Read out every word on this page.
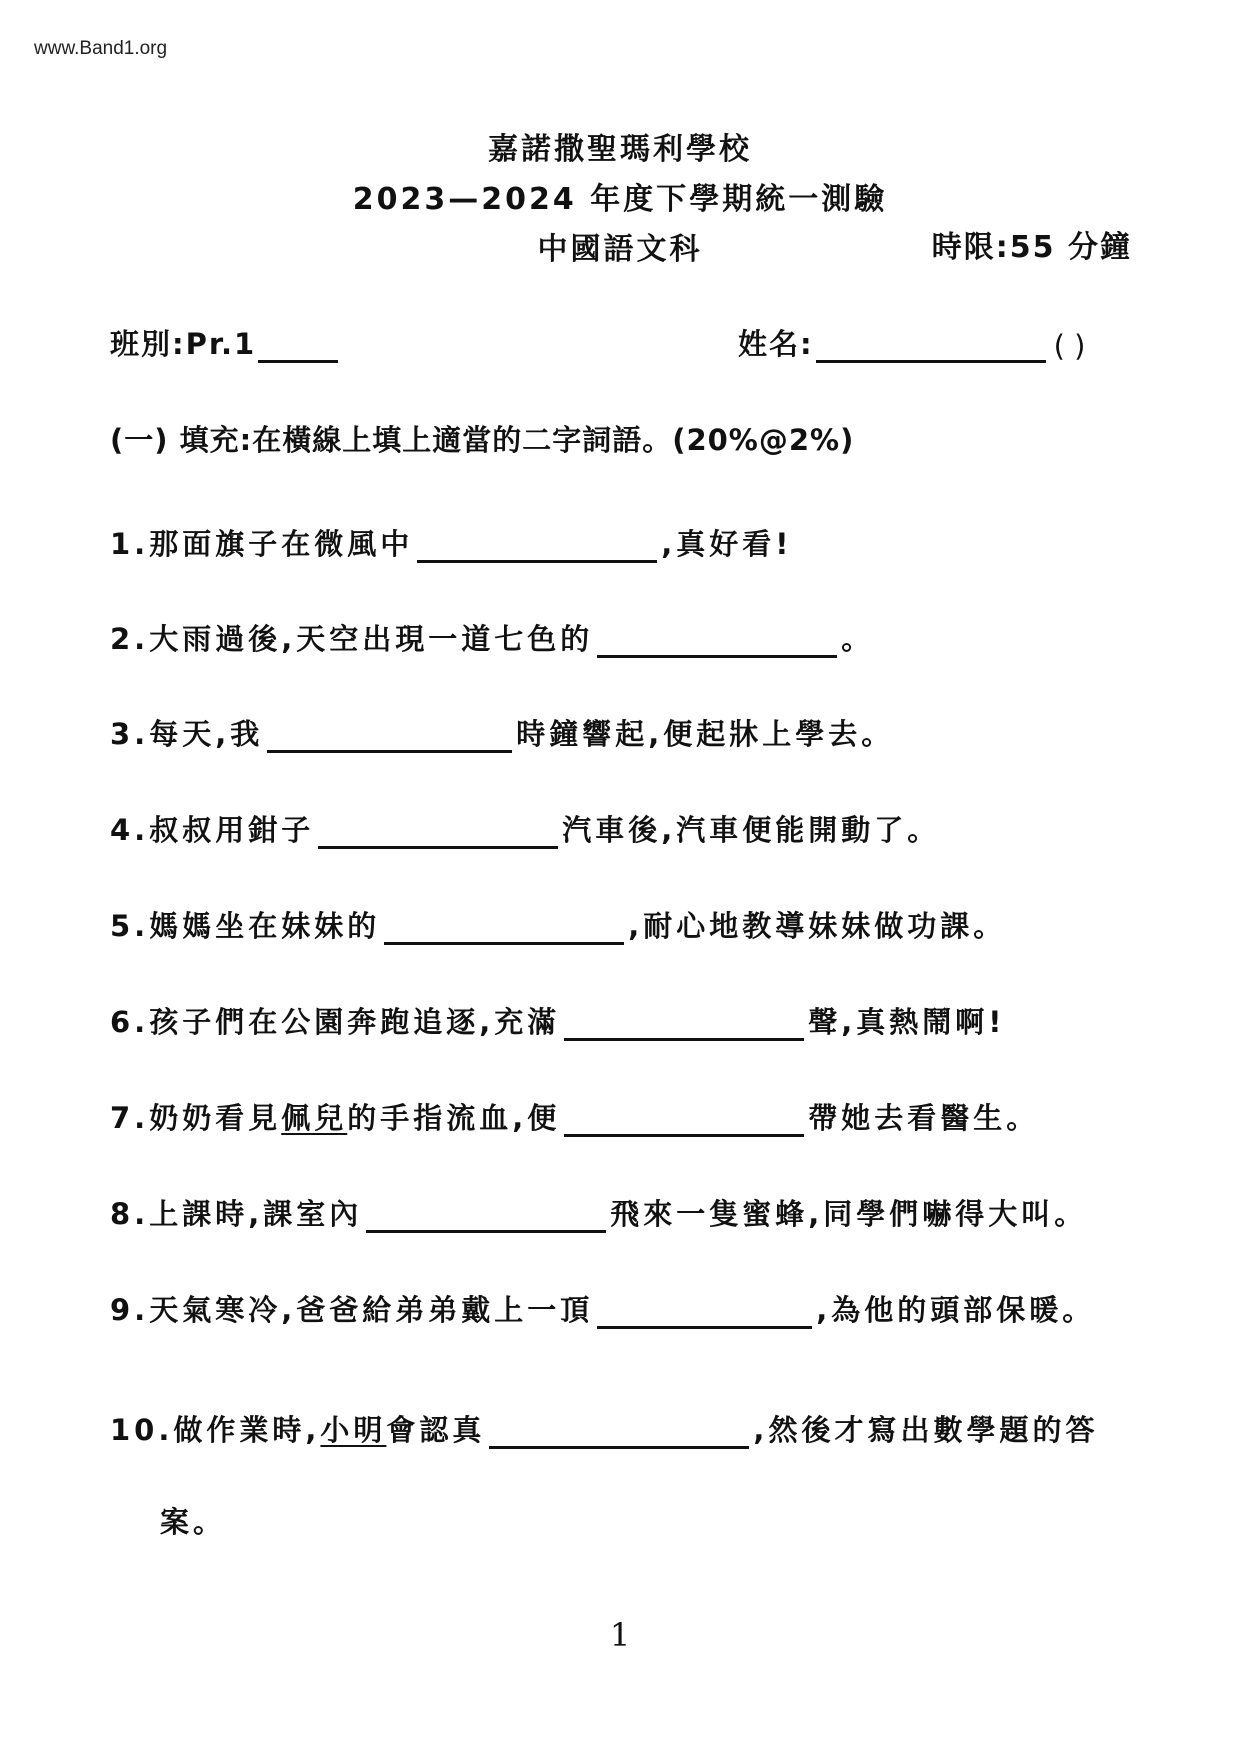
www.Band1.org
嘉諾撒聖瑪利學校
2023—2024 年度下學期統一測驗
中國語文科	時限:55 分鐘
班別:Pr.1	姓名:	( )
(一) 填充:在橫線上填上適當的二字詞語。(20%@2%)
1.那面旗子在微風中	,真好看!
2.大雨過後,天空出現一道七色的	。
3.每天,我	時鐘響起,便起牀上學去。
4.叔叔用鉗子	汽車後,汽車便能開動了。
5.媽媽坐在妹妹的	,耐心地教導妹妹做功課。
6.孩子們在公園奔跑追逐,充滿	聲,真熱鬧啊!
7.奶奶看見 佩兒 的手指流血,便	帶她去看醫生。
8.上課時,課室內	飛來一隻蜜蜂,同學們嚇得大叫。
9.天氣寒冷,爸爸給弟弟戴上一頂	,為他的頭部保暖。
10.做作業時, 小明 會認真	,然後才寫出數學題的答
案。
1
